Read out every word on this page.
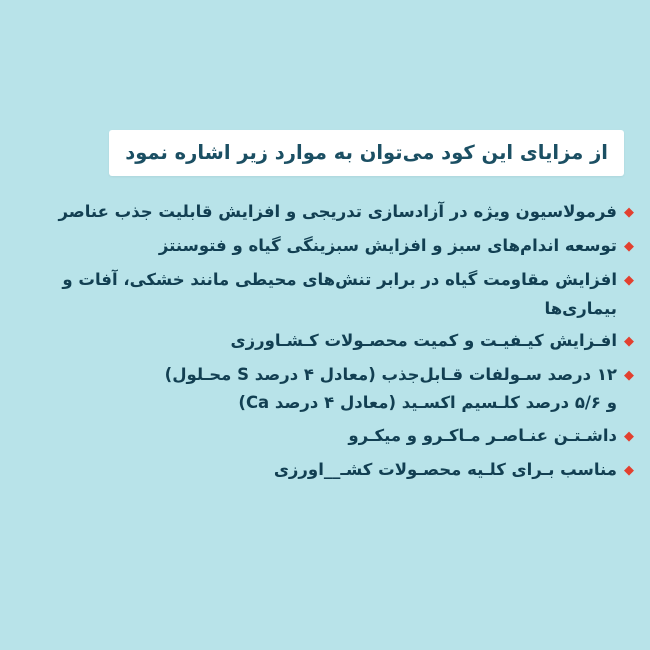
از مزایای این کود می‌توان به موارد زیر اشاره نمود
◆
فرمولاسیون ویژه در آزادسازی تدریجی و افزایش قابلیت جذب عناصر
◆
توسعه اندام‌های سبز و افزایش سبزینگی گیاه و فتوسنتز
◆
افزایش مقاومت گیاه در برابر تنش‌های محیطی مانند خشکی، آفات و بیماری‌ها
◆
افـزایش کیـفیـت و کمیت محصـولات کـشـاورزی
◆
۱۲ درصد سـولفات قـابل‌جذب (معادل ۴ درصد S محـلول)
و ۵/۶ درصد کلـسیم اکسـید (معادل ۴ درصد Ca)
◆
داشـتـن عنـاصـر مـاکـرو و میکـرو
◆
مناسب بـرای کلـیه محصـولات کشـ__اورزی
